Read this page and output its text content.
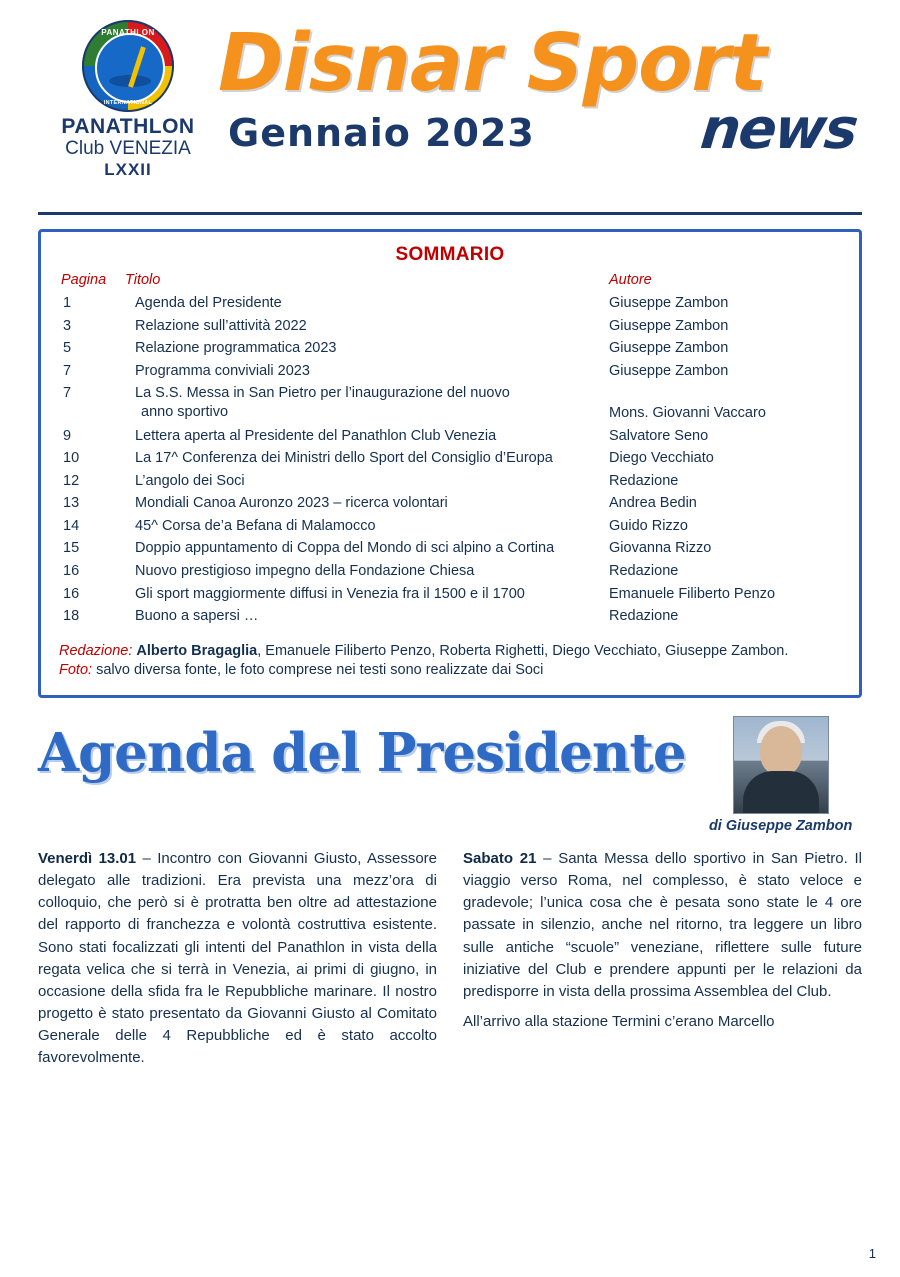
PANATHLON
INTERNATIONAL
PANATHLON
Club VENEZIA
LXXII
Disnar Sport
Gennaio 2023	news
SOMMARIO
Pagina	Titolo	Autore
1	Agenda del Presidente	Giuseppe Zambon
3	Relazione sull’attività 2022	Giuseppe Zambon
5	Relazione programmatica 2023	Giuseppe Zambon
7	Programma conviviali 2023	Giuseppe Zambon
7	La S.S. Messa in San Pietro per l’inaugurazione del nuovo
anno sportivo	Mons. Giovanni Vaccaro
9	Lettera aperta al Presidente del Panathlon Club Venezia	Salvatore Seno
10	La 17^ Conferenza dei Ministri dello Sport del Consiglio d’Europa	Diego Vecchiato
12	L’angolo dei Soci	Redazione
13	Mondiali Canoa Auronzo 2023 – ricerca volontari	Andrea Bedin
14	45^ Corsa de’a Befana di Malamocco	Guido Rizzo
15	Doppio appuntamento di Coppa del Mondo di sci alpino a Cortina	Giovanna Rizzo
16	Nuovo prestigioso impegno della Fondazione Chiesa	Redazione
16	Gli sport maggiormente diffusi in Venezia fra il 1500 e il 1700	Emanuele Filiberto Penzo
18	Buono a sapersi …	Redazione
Redazione: Alberto Bragaglia, Emanuele Filiberto Penzo, Roberta Righetti, Diego Vecchiato, Giuseppe Zambon.
Foto: salvo diversa fonte, le foto comprese nei testi sono realizzate dai Soci
Agenda del Presidente
di Giuseppe Zambon

Venerdì 13.01 – Incontro con Giovanni Giusto, Assessore delegato alle tradizioni. Era prevista una mezz’ora di colloquio, che però si è protratta ben oltre ad attestazione del rapporto di franchezza e volontà costruttiva esistente. Sono stati focalizzati gli intenti del Panathlon in vista della regata velica che si terrà in Venezia, ai primi di giugno, in occasione della sfida fra le Repubbliche marinare. Il nostro progetto è stato presentato da Giovanni Giusto al Comitato Generale delle 4 Repubbliche ed è stato accolto favorevolmente.

Sabato 21 – Santa Messa dello sportivo in San Pietro. Il viaggio verso Roma, nel complesso, è stato veloce e gradevole; l’unica cosa che è pesata sono state le 4 ore passate in silenzio, anche nel ritorno, tra leggere un libro sulle antiche “scuole” veneziane, riflettere sulle future iniziative del Club e prendere appunti per le relazioni da predisporre in vista della prossima Assemblea del Club.

All’arrivo alla stazione Termini c’erano Marcello

1
